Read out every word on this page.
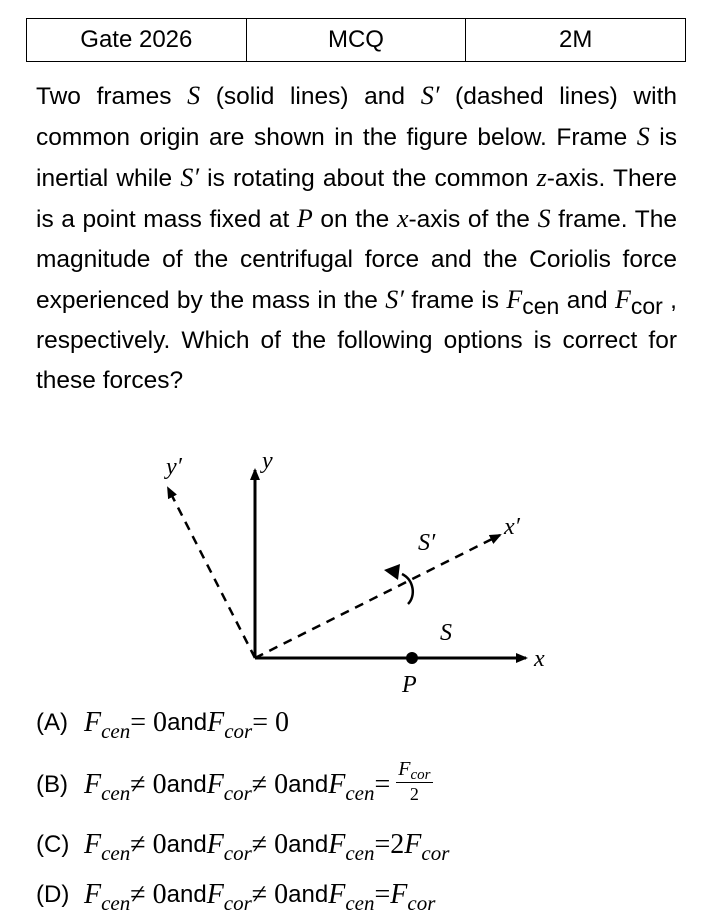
Gate 2026	MCQ	2M

Two frames S (solid lines) and S′ (dashed lines) with common origin are shown in the figure below. Frame S is inertial while S′ is rotating about the common z-axis. There is a point mass fixed at P on the x-axis of the S frame. The magnitude of the centrifugal force and the Coriolis force experienced by the mass in the S′ frame is Fcen and Fcor , respectively. Which of the following options is correct for these forces?

y′	y
x′
x
S′
S
P
(A) F cen = 0 and F cor = 0
(B) F cen ≠ 0 and F cor ≠ 0 and F cen = $\frac{F_{cor}}{2}$
(C) F cen ≠ 0 and F cor ≠ 0 and F cen = 2 F cor
(D) F cen ≠ 0 and F cor ≠ 0 and F cen = F cor
